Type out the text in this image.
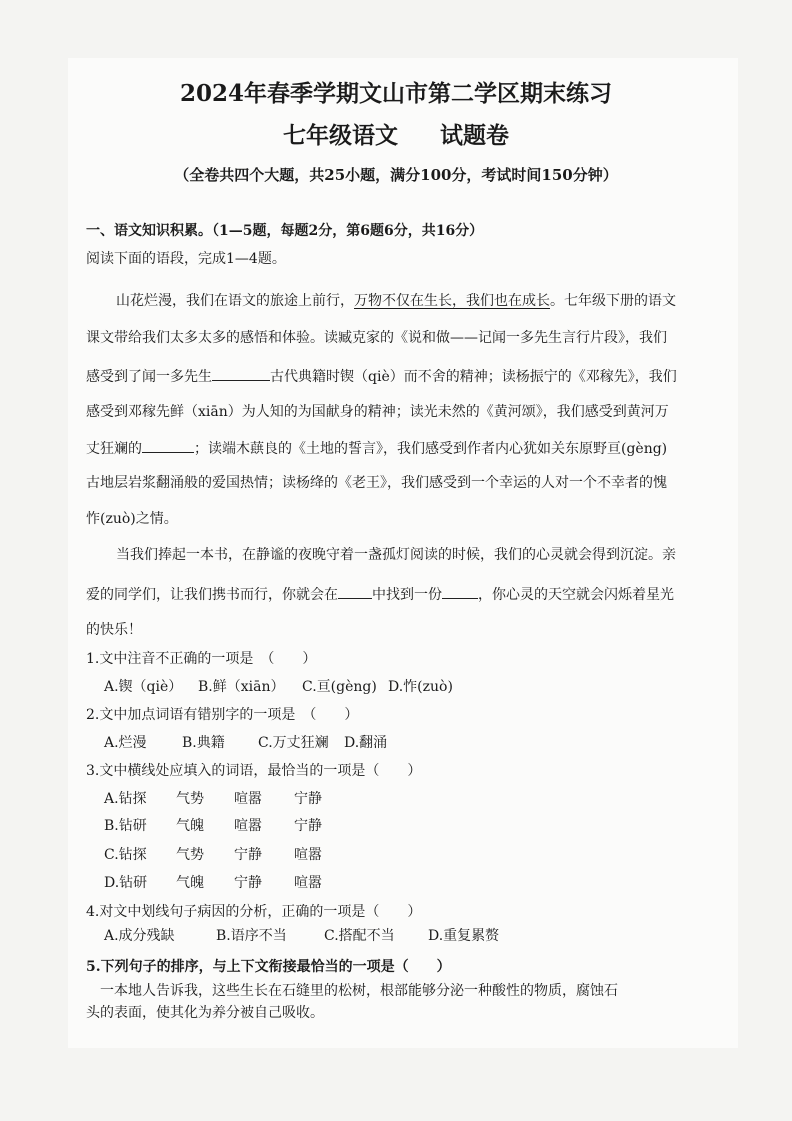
2024年春季学期文山市第二学区期末练习
七年级语文 试题卷
（全卷共四个大题，共25小题，满分100分，考试时间150分钟）
一、语文知识积累。（1—5题，每题2分，第6题6分，共16分）
阅读下面的语段，完成1—4题。
山花烂漫，我们在语文的旅途上前行，万物不仅在生长，我们也在成长。七年级下册的语文
课文带给我们太多太多的感悟和体验。读臧克家的《说和做——记闻一多先生言行片段》，我们
感受到了闻一多先生	古代典籍时锲（qiè）而不舍的精神；读杨振宁的《邓稼先》，我们
感受到邓稼先鲜（xiān）为人知的为国献身的精神；读光未然的《黄河颂》，我们感受到黄河万
丈狂斓的	；读端木蕻良的《土地的誓言》，我们感受到作者内心犹如关东原野亘(gèng)
古地层岩浆翻涌般的爱国热情；读杨绛的《老王》，我们感受到一个幸运的人对一个不幸者的愧
怍(zuò)之情。
当我们捧起一本书，在静谧的夜晚守着一盏孤灯阅读的时候，我们的心灵就会得到沉淀。亲
爱的同学们，让我们携书而行，你就会在 中找到一份	，你心灵的天空就会闪烁着星光
的快乐！
1.文中注音不正确的一项是　（　　）
A.锲（qiè） B.鲜（xiān） C.亘(gèng) D.怍(zuò)
2.文中加点词语有错别字的一项是　（　　）
A.烂漫	B.典籍 C.万丈狂斓 D.翻涌
3.文中横线处应填入的词语，最恰当的一项是（　　）
A.钻探 气势 喧嚣 宁静
B.钻研 气魄 喧嚣 宁静
C.钻探 气势 宁静 喧嚣
D.钻研 气魄 宁静 喧嚣
4.对文中划线句子病因的分析，正确的一项是（　　）
A.成分残缺	B.语序不当	C.搭配不当 D.重复累赘
5.下列句子的排序，与上下文衔接最恰当的一项是（　　）
一本地人告诉我，这些生长在石缝里的松树，根部能够分泌一种酸性的物质，腐蚀石
头的表面，使其化为养分被自己吸收。
